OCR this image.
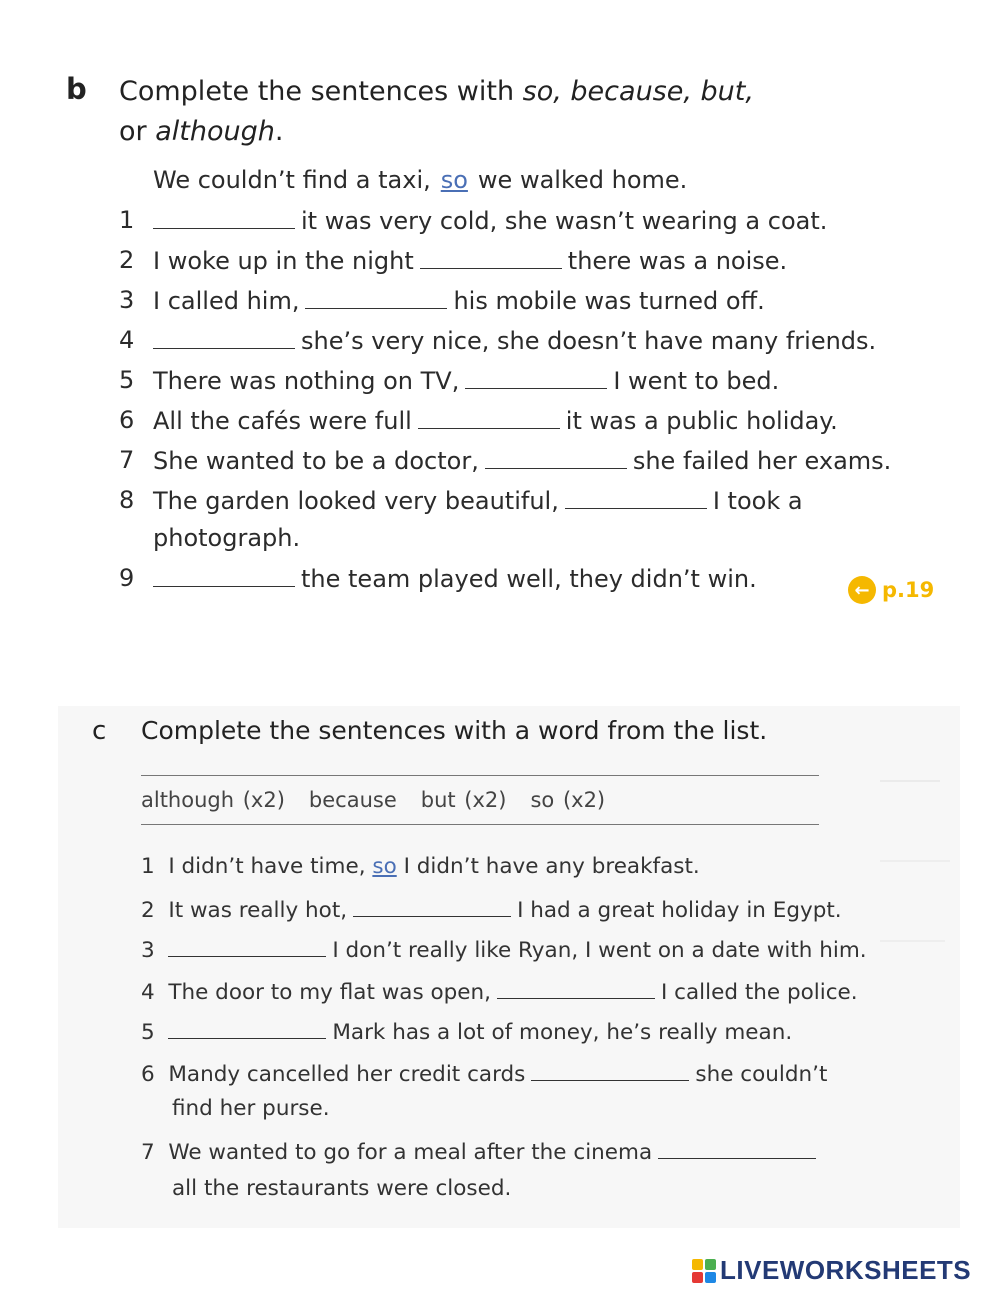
b Complete the sentences with so, because, but,
or although.
We couldn’t find a taxi, so we walked home.
1	it was very cold, she wasn’t wearing a coat.
2 I woke up in the night	there was a noise.
3 I called him,	his mobile was turned off.
4	she’s very nice, she doesn’t have many friends.
5 There was nothing on TV,	I went to bed.
6 All the cafés were full	it was a public holiday.
7 She wanted to be a doctor,	she failed her exams.
8 The garden looked very beautiful,	I took a
photograph.
9	the team played well, they didn’t win.	← p.19
c Complete the sentences with a word from the list.
although (x2) because but (x2) so (x2)
1 I didn’t have time, so I didn’t have any breakfast.
2 It was really hot,	I had a great holiday in Egypt.
3	I don’t really like Ryan, I went on a date with him.
4 The door to my flat was open,	I called the police.
5	Mark has a lot of money, he’s really mean.
6 Mandy cancelled her credit cards	she couldn’t
find her purse.
7 We wanted to go for a meal after the cinema
all the restaurants were closed.
LIVEWORKSHEETS
